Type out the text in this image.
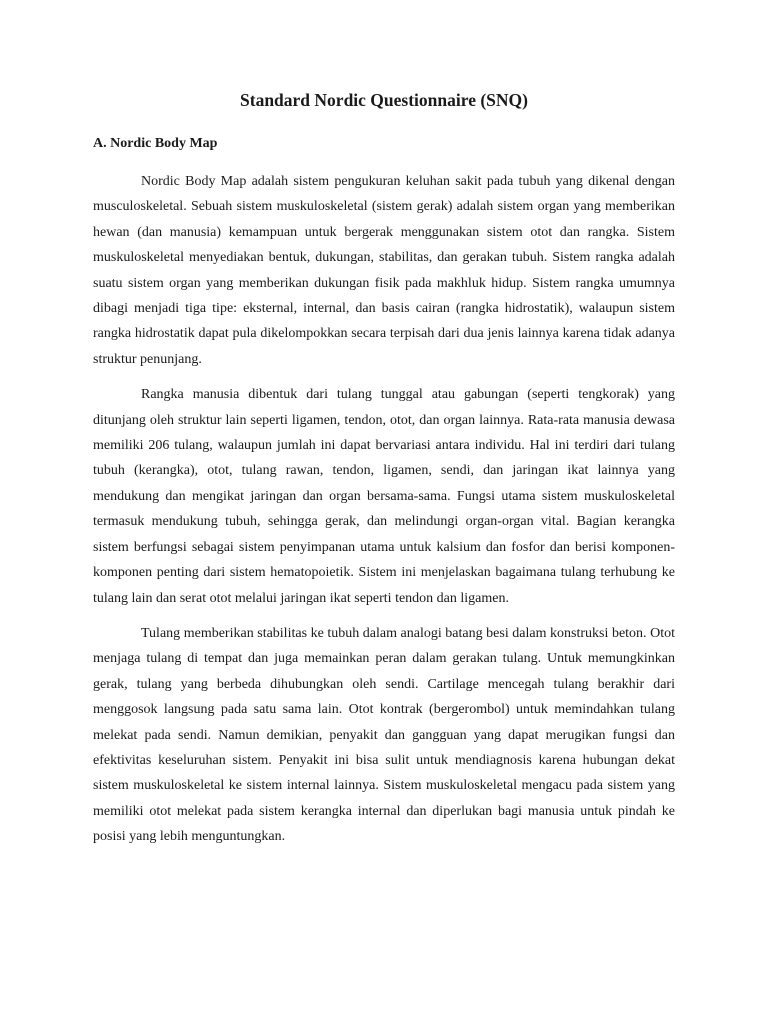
Standard Nordic Questionnaire (SNQ)
A. Nordic Body Map

Nordic Body Map adalah sistem pengukuran keluhan sakit pada tubuh yang dikenal dengan musculoskeletal. Sebuah sistem muskuloskeletal (sistem gerak) adalah sistem organ yang memberikan hewan (dan manusia) kemampuan untuk bergerak menggunakan sistem otot dan rangka. Sistem muskuloskeletal menyediakan bentuk, dukungan, stabilitas, dan gerakan tubuh. Sistem rangka adalah suatu sistem organ yang memberikan dukungan fisik pada makhluk hidup. Sistem rangka umumnya dibagi menjadi tiga tipe: eksternal, internal, dan basis cairan (rangka hidrostatik), walaupun sistem rangka hidrostatik dapat pula dikelompokkan secara terpisah dari dua jenis lainnya karena tidak adanya struktur penunjang.

Rangka manusia dibentuk dari tulang tunggal atau gabungan (seperti tengkorak) yang ditunjang oleh struktur lain seperti ligamen, tendon, otot, dan organ lainnya. Rata-rata manusia dewasa memiliki 206 tulang, walaupun jumlah ini dapat bervariasi antara individu. Hal ini terdiri dari tulang tubuh (kerangka), otot, tulang rawan, tendon, ligamen, sendi, dan jaringan ikat lainnya yang mendukung dan mengikat jaringan dan organ bersama-sama. Fungsi utama sistem muskuloskeletal termasuk mendukung tubuh, sehingga gerak, dan melindungi organ-organ vital. Bagian kerangka sistem berfungsi sebagai sistem penyimpanan utama untuk kalsium dan fosfor dan berisi komponen-komponen penting dari sistem hematopoietik. Sistem ini menjelaskan bagaimana tulang terhubung ke tulang lain dan serat otot melalui jaringan ikat seperti tendon dan ligamen.

Tulang memberikan stabilitas ke tubuh dalam analogi batang besi dalam konstruksi beton. Otot menjaga tulang di tempat dan juga memainkan peran dalam gerakan tulang. Untuk memungkinkan gerak, tulang yang berbeda dihubungkan oleh sendi. Cartilage mencegah tulang berakhir dari menggosok langsung pada satu sama lain. Otot kontrak (bergerombol) untuk memindahkan tulang melekat pada sendi. Namun demikian, penyakit dan gangguan yang dapat merugikan fungsi dan efektivitas keseluruhan sistem. Penyakit ini bisa sulit untuk mendiagnosis karena hubungan dekat sistem muskuloskeletal ke sistem internal lainnya. Sistem muskuloskeletal mengacu pada sistem yang memiliki otot melekat pada sistem kerangka internal dan diperlukan bagi manusia untuk pindah ke posisi yang lebih menguntungkan.
